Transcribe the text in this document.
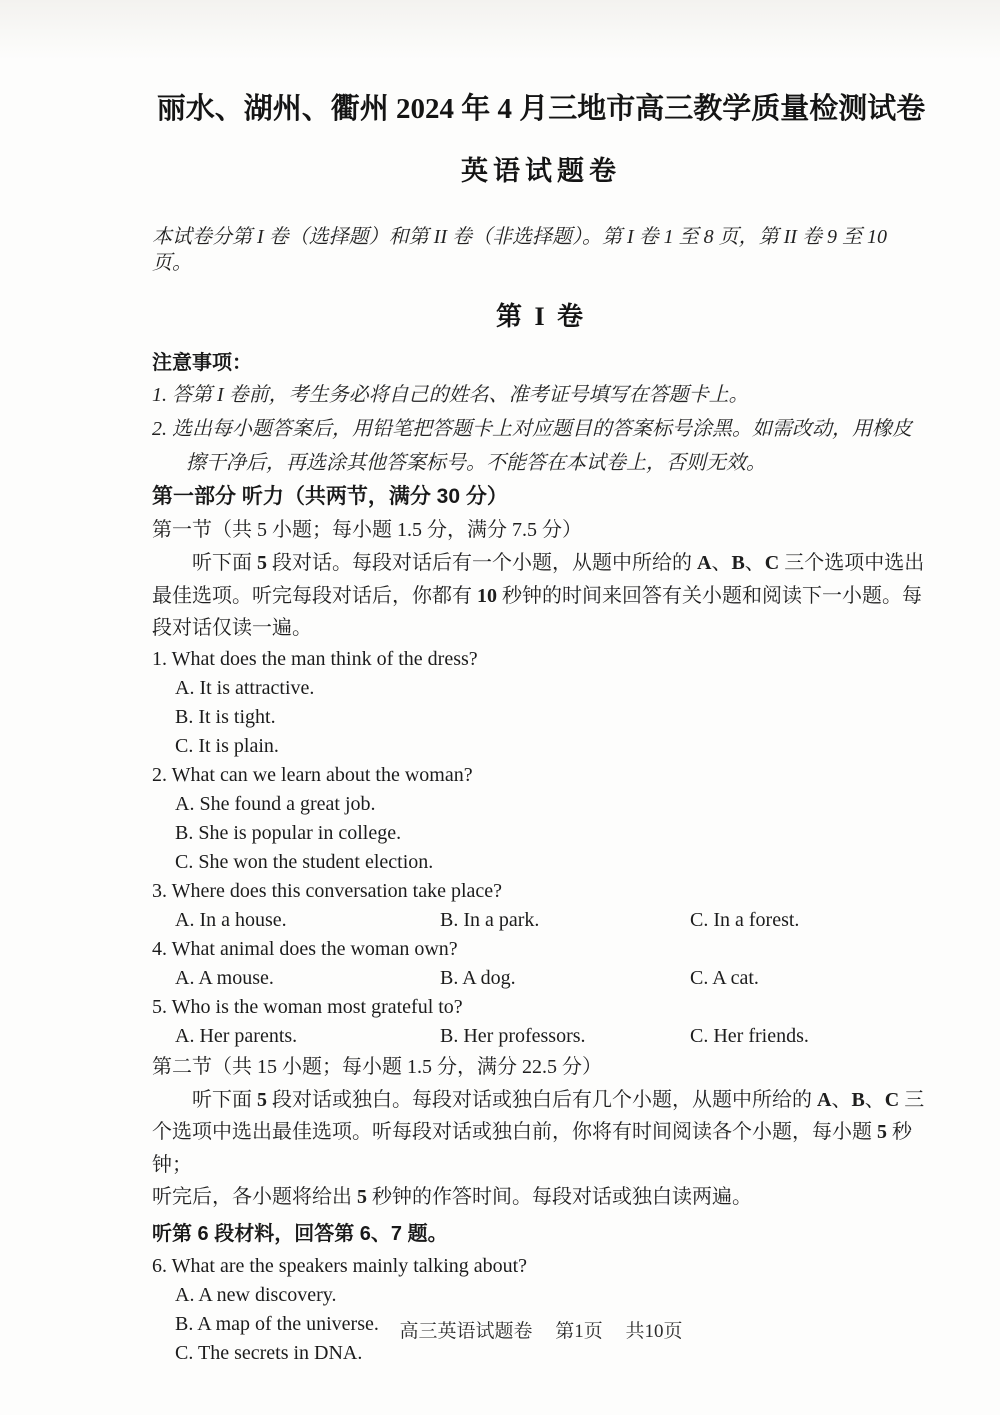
丽水、湖州、衢州 2024 年 4 月三地市高三教学质量检测试卷
英语试题卷

本试卷分第 I 卷（选择题）和第 II 卷（非选择题）。第 I 卷 1 至 8 页，第 II 卷 9 至 10 页。

第 I 卷
注意事项：
1. 答第 I 卷前，考生务必将自己的姓名、准考证号填写在答题卡上。
2. 选出每小题答案后，用铅笔把答题卡上对应题目的答案标号涂黑。如需改动，用橡皮
擦干净后，再选涂其他答案标号。不能答在本试卷上，否则无效。
第一部分 听力（共两节，满分 30 分）
第一节（共 5 小题；每小题 1.5 分，满分 7.5 分）
听下面 5 段对话。每段对话后有一个小题，从题中所给的 A、B、C 三个选项中选出
最佳选项。听完每段对话后，你都有 10 秒钟的时间来回答有关小题和阅读下一小题。每
段对话仅读一遍。
1. What does the man think of the dress?
A. It is attractive.
B. It is tight.
C. It is plain.
2. What can we learn about the woman?
A. She found a great job.
B. She is popular in college.
C. She won the student election.
3. Where does this conversation take place?
A. In a house.	B. In a park.	C. In a forest.
4. What animal does the woman own?
A. A mouse.	B. A dog.	C. A cat.
5. Who is the woman most grateful to?
A. Her parents.	B. Her professors.	C. Her friends.
第二节（共 15 小题；每小题 1.5 分，满分 22.5 分）
听下面 5 段对话或独白。每段对话或独白后有几个小题，从题中所给的 A、B、C 三
个选项中选出最佳选项。听每段对话或独白前，你将有时间阅读各个小题，每小题 5 秒钟；
听完后，各小题将给出 5 秒钟的作答时间。每段对话或独白读两遍。
听第 6 段材料，回答第 6、7 题。
6. What are the speakers mainly talking about?
A. A new discovery.
B. A map of the universe.
C. The secrets in DNA.
高三英语试题卷 第1页 共10页
